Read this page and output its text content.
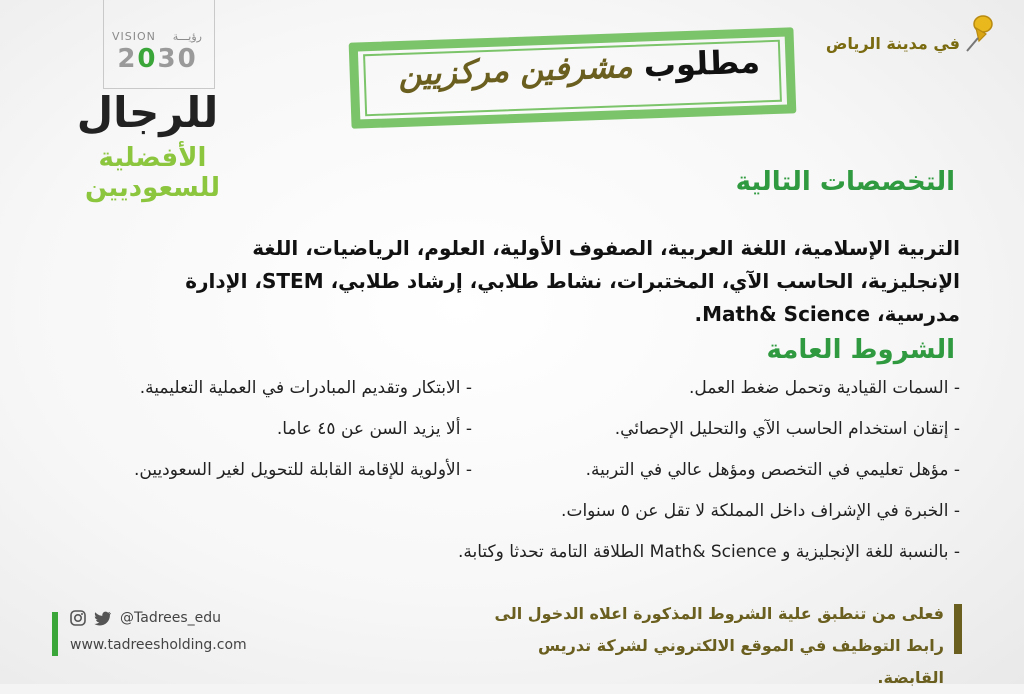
VISION رؤيـــة
2030
للرجال
الأفضلية للسعوديين
في مدينة الرياض
مطلوب مشرفين مركزيين
التخصصات التالية
التربية الإسلامية، اللغة العربية، الصفوف الأولية، العلوم، الرياضيات، اللغة الإنجليزية، الحاسب الآي، المختبرات، نشاط طلابي، إرشاد طلابي، STEM، الإدارة مدرسية، Math& Science.
الشروط العامة
- السمات القيادية وتحمل ضغط العمل.
- إتقان استخدام الحاسب الآي والتحليل الإحصائي.
- مؤهل تعليمي في التخصص ومؤهل عالي في التربية.
- الخبرة في الإشراف داخل المملكة لا تقل عن ٥ سنوات.
- بالنسبة للغة الإنجليزية و Math& Science الطلاقة التامة تحدثا وكتابة.
- الابتكار وتقديم المبادرات في العملية التعليمية.
- ألا يزيد السن عن ٤٥ عاما.
- الأولوية للإقامة القابلة للتحويل لغير السعوديين.
@Tadrees_edu
www.tadreesholding.com
فعلى من تنطبق علية الشروط المذكورة اعلاه الدخول الى
رابط التوظيف في الموقع الالكتروني لشركة تدريس القابضة.
